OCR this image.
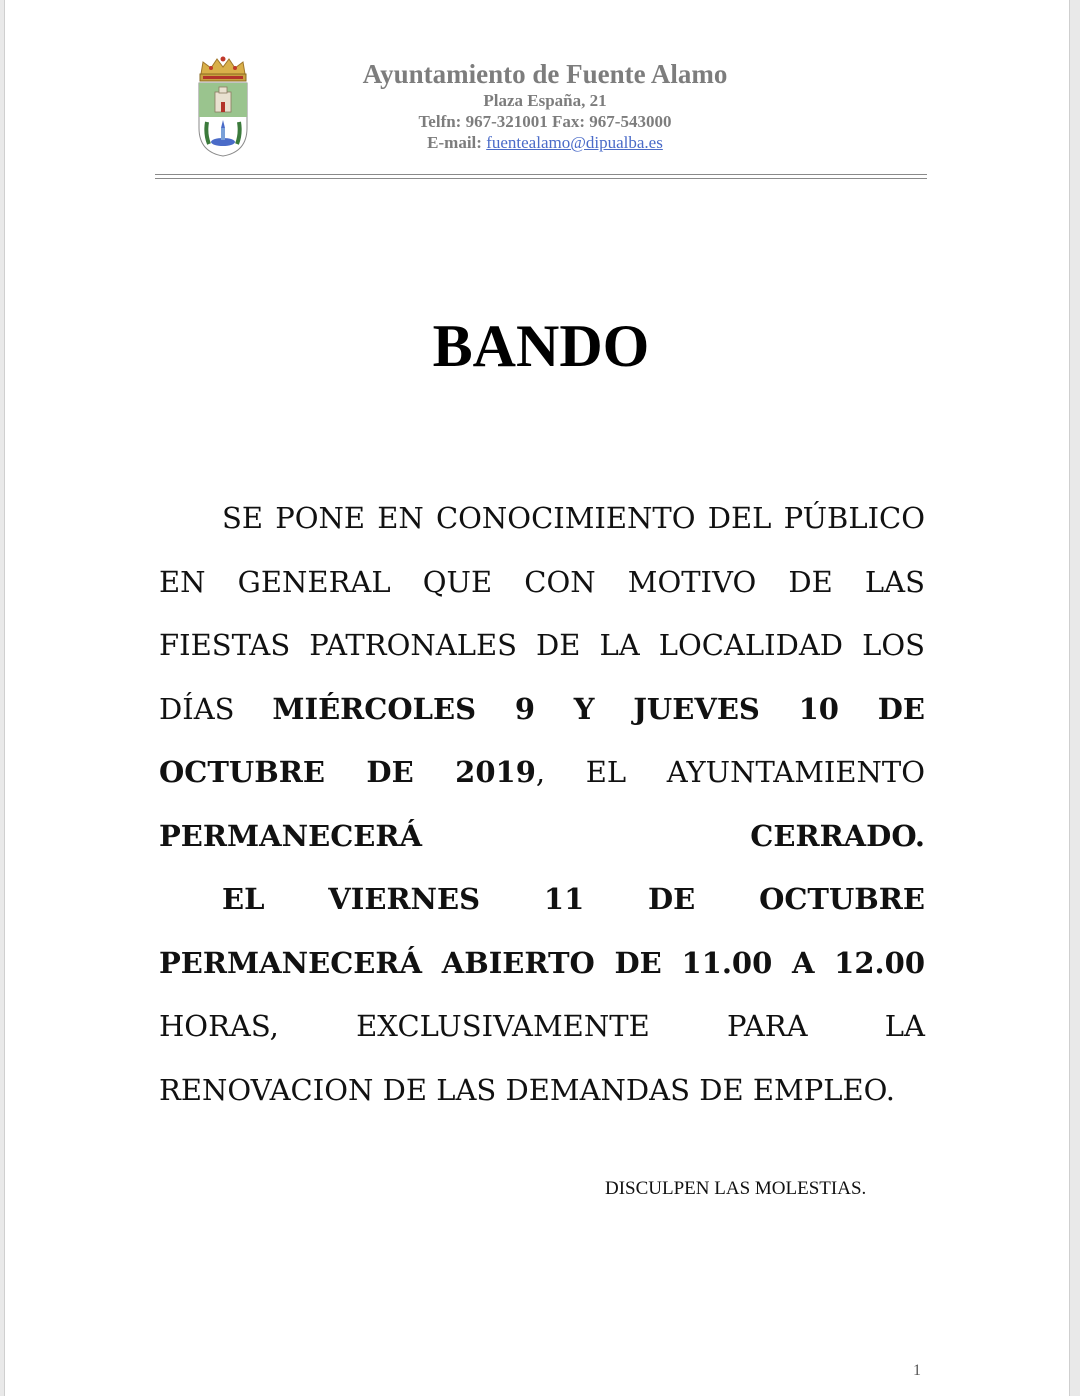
Ayuntamiento de Fuente Alamo
Plaza España, 21
Telfn: 967-321001 Fax: 967-543000
E-mail: fuentealamo@dipualba.es
BANDO

SE PONE EN CONOCIMIENTO DEL PÚBLICO EN GENERAL QUE CON MOTIVO DE LAS FIESTAS PATRONALES DE LA LOCALIDAD LOS DÍAS MIÉRCOLES 9 Y JUEVES 10 DE OCTUBRE DE 2019, EL AYUNTAMIENTO PERMANECERÁ CERRADO.

EL VIERNES 11 DE OCTUBRE PERMANECERÁ ABIERTO DE 11.00 A 12.00 HORAS, EXCLUSIVAMENTE PARA LA RENOVACION DE LAS DEMANDAS DE EMPLEO.

DISCULPEN LAS MOLESTIAS.
1
